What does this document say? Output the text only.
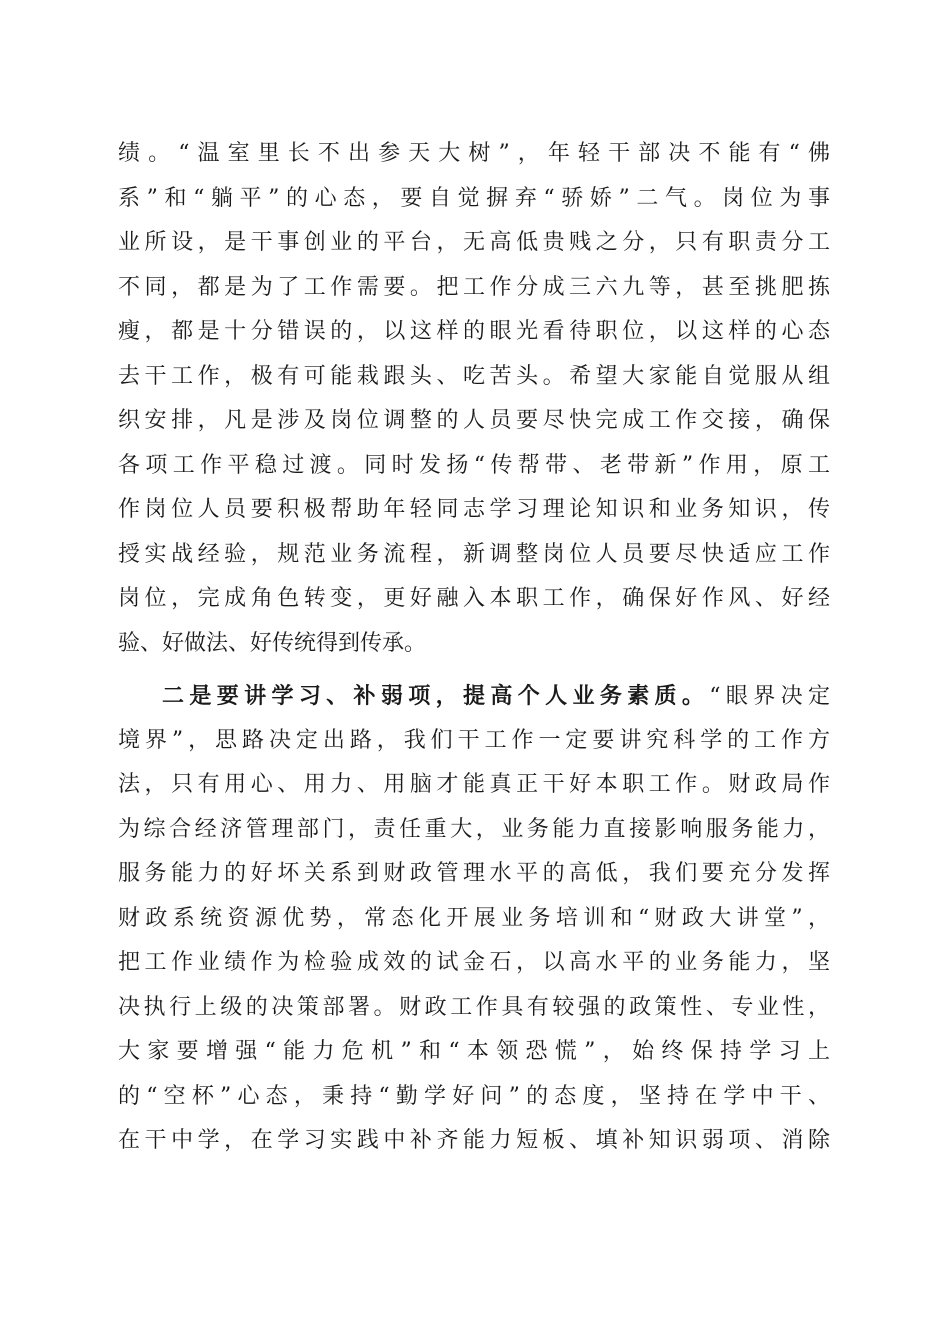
绩。“温室里长不出参天大树”，年轻干部决不能有“佛
系”和“躺平”的心态，要自觉摒弃“骄娇”二气。岗位为事
业所设，是干事创业的平台，无高低贵贱之分，只有职责分工
不同，都是为了工作需要。把工作分成三六九等，甚至挑肥拣
瘦，都是十分错误的，以这样的眼光看待职位，以这样的心态
去干工作，极有可能栽跟头、吃苦头。希望大家能自觉服从组
织安排，凡是涉及岗位调整的人员要尽快完成工作交接，确保
各项工作平稳过渡。同时发扬“传帮带、老带新”作用，原工
作岗位人员要积极帮助年轻同志学习理论知识和业务知识，传
授实战经验，规范业务流程，新调整岗位人员要尽快适应工作
岗位，完成角色转变，更好融入本职工作，确保好作风、好经
验、好做法、好传统得到传承。
二是要讲学习、补弱项，提高个人业务素质。“眼界决定
境界”，思路决定出路，我们干工作一定要讲究科学的工作方
法，只有用心、用力、用脑才能真正干好本职工作。财政局作
为综合经济管理部门，责任重大，业务能力直接影响服务能力，
服务能力的好坏关系到财政管理水平的高低，我们要充分发挥
财政系统资源优势，常态化开展业务培训和“财政大讲堂”，
把工作业绩作为检验成效的试金石，以高水平的业务能力，坚
决执行上级的决策部署。财政工作具有较强的政策性、专业性，
大家要增强“能力危机”和“本领恐慌”，始终保持学习上
的“空杯”心态，秉持“勤学好问”的态度，坚持在学中干、
在干中学，在学习实践中补齐能力短板、填补知识弱项、消除
